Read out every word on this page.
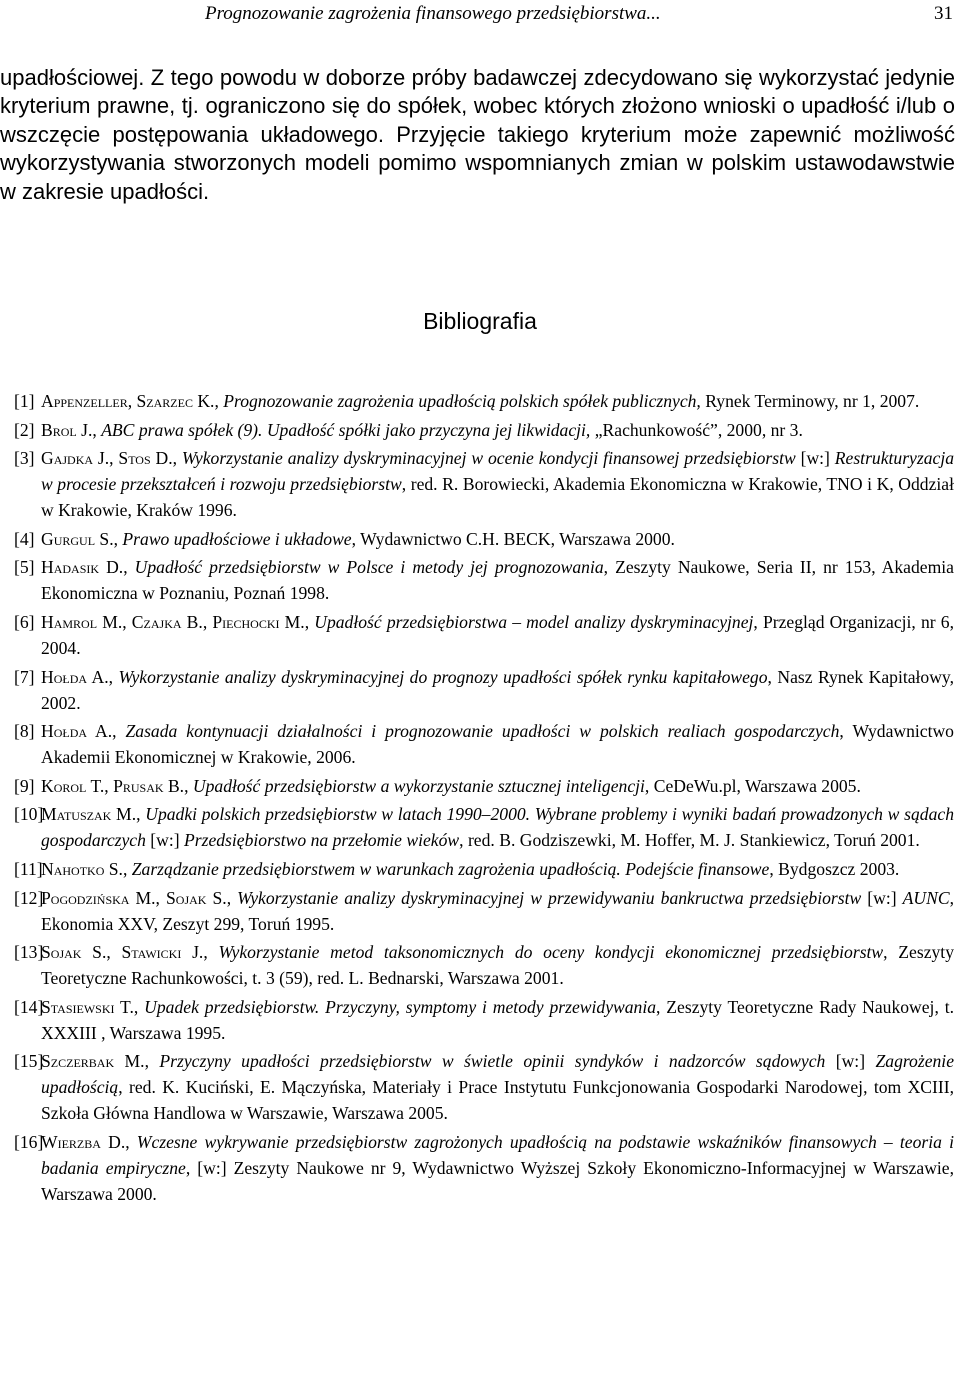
Prognozowanie zagrożenia finansowego przedsiębiorstwa...	31
upadłościowej. Z tego powodu w doborze próby badawczej zdecydowano się wykorzystać jedynie kryterium prawne, tj. ograniczono się do spółek, wobec których złożono wnioski o upadłość i/lub o wszczęcie postępowania układowego. Przyjęcie takiego kryterium może zapewnić możliwość wykorzystywania stworzonych modeli pomimo wspomnianych zmian w polskim ustawodawstwie w zakresie upadłości.
Bibliografia
[1] Appenzeller, Szarzec K., Prognozowanie zagrożenia upadłością polskich spółek publicznych, Rynek Terminowy, nr 1, 2007.
[2] Brol J., ABC prawa spółek (9). Upadłość spółki jako przyczyna jej likwidacji, „Rachunkowość”, 2000, nr 3.
[3] Gajdka J., Stos D., Wykorzystanie analizy dyskryminacyjnej w ocenie kondycji finansowej przedsiębiorstw [w:] Restrukturyzacja w procesie przekształceń i rozwoju przedsiębiorstw, red. R. Borowiecki, Akademia Ekonomiczna w Krakowie, TNO i K, Oddział w Krakowie, Kraków 1996.
[4] Gurgul S., Prawo upadłościowe i układowe, Wydawnictwo C.H. BECK, Warszawa 2000.
[5] Hadasik D., Upadłość przedsiębiorstw w Polsce i metody jej prognozowania, Zeszyty Naukowe, Seria II, nr 153, Akademia Ekonomiczna w Poznaniu, Poznań 1998.
[6] Hamrol M., Czajka B., Piechocki M., Upadłość przedsiębiorstwa – model analizy dyskryminacyjnej, Przegląd Organizacji, nr 6, 2004.
[7] Hołda A., Wykorzystanie analizy dyskryminacyjnej do prognozy upadłości spółek rynku kapitałowego, Nasz Rynek Kapitałowy, 2002.
[8] Hołda A., Zasada kontynuacji działalności i prognozowanie upadłości w polskich realiach gospodarczych, Wydawnictwo Akademii Ekonomicznej w Krakowie, 2006.
[9] Korol T., Prusak B., Upadłość przedsiębiorstw a wykorzystanie sztucznej inteligencji, CeDeWu.pl, Warszawa 2005.
[10]
Matuszak M., Upadki polskich przedsiębiorstw w latach 1990–2000. Wybrane problemy i wyniki badań prowadzonych w sądach gospodarczych [w:] Przedsiębiorstwo na przełomie wieków, red. B. Godziszewki, M. Hoffer, M. J. Stankiewicz, Toruń 2001.
[11]
Nahotko S., Zarządzanie przedsiębiorstwem w warunkach zagrożenia upadłością. Podejście finansowe, Bydgoszcz 2003.
[12]
Pogodzińska M., Sojak S., Wykorzystanie analizy dyskryminacyjnej w przewidywaniu bankructwa przedsiębiorstw [w:] AUNC, Ekonomia XXV, Zeszyt 299, Toruń 1995.
[13]
Sojak S., Stawicki J., Wykorzystanie metod taksonomicznych do oceny kondycji ekonomicznej przedsiębiorstw, Zeszyty Teoretyczne Rachunkowości, t. 3 (59), red. L. Bednarski, Warszawa 2001.
[14]
Stasiewski T., Upadek przedsiębiorstw. Przyczyny, symptomy i metody przewidywania, Zeszyty Teoretyczne Rady Naukowej, t. XXXIII , Warszawa 1995.
[15]
Szczerbak M., Przyczyny upadłości przedsiębiorstw w świetle opinii syndyków i nadzorców sądowych [w:] Zagrożenie upadłością, red. K. Kuciński, E. Mączyńska, Materiały i Prace Instytutu Funkcjonowania Gospodarki Narodowej, tom XCIII, Szkoła Główna Handlowa w Warszawie, Warszawa 2005.
[16]
Wierzba D., Wczesne wykrywanie przedsiębiorstw zagrożonych upadłością na podstawie wskaźników finansowych – teoria i badania empiryczne, [w:] Zeszyty Naukowe nr 9, Wydawnictwo Wyższej Szkoły Ekonomiczno-Informacyjnej w Warszawie, Warszawa 2000.
